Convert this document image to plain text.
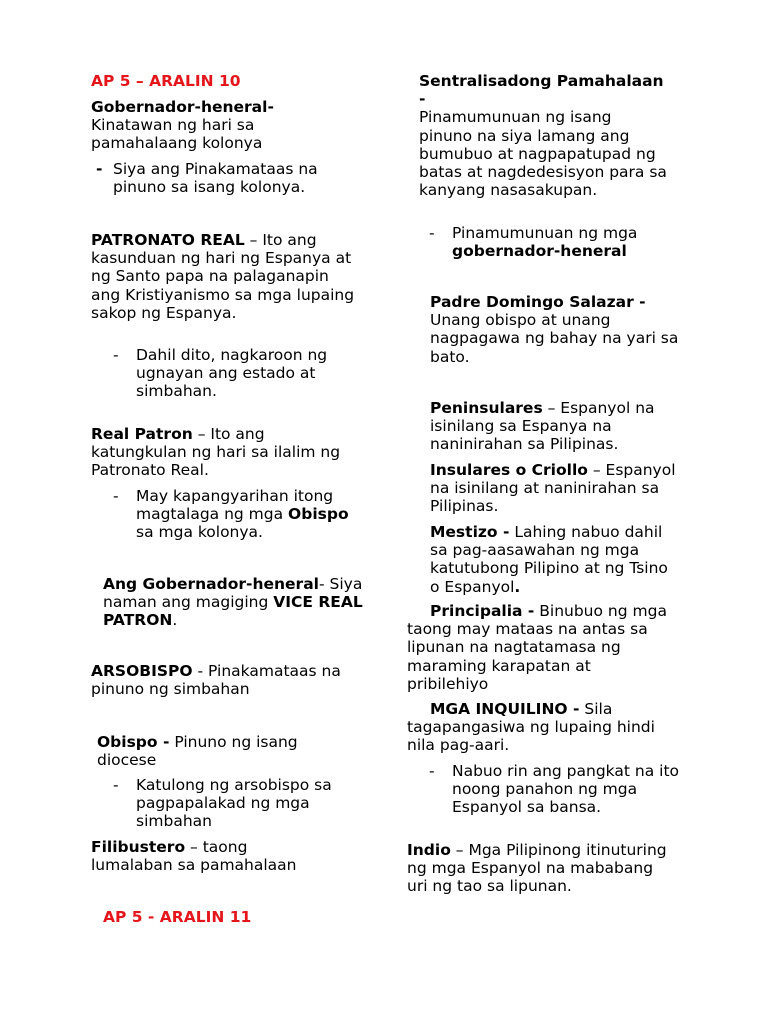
AP 5 – ARALIN 10
Gobernador-heneral-
Kinatawan ng hari sa pamahalaang kolonya
- Siya ang Pinakamataas na pinuno sa isang kolonya.
PATRONATO REAL – Ito ang kasunduan ng hari ng Espanya at ng Santo papa na palaganapin ang Kristiyanismo sa mga lupaing sakop ng Espanya.
- Dahil dito, nagkaroon ng ugnayan ang estado at simbahan.
Real Patron – Ito ang katungkulan ng hari sa ilalim ng Patronato Real.
- May kapangyarihan itong magtalaga ng mga Obispo sa mga kolonya.
Ang Gobernador-heneral- Siya naman ang magiging VICE REAL PATRON.
ARSOBISPO - Pinakamataas na pinuno ng simbahan
Obispo - Pinuno ng isang diocese
- Katulong ng arsobispo sa pagpapalakad ng mga simbahan
Filibustero – taong lumalaban sa pamahalaan
AP 5 - ARALIN 11
Sentralisadong Pamahalaan -
Pinamumunuan ng isang pinuno na siya lamang ang bumubuo at nagpapatupad ng batas at nagdedesisyon para sa kanyang nasasakupan.
- Pinamumunuan ng mga gobernador-heneral
Padre Domingo Salazar - Unang obispo at unang nagpagawa ng bahay na yari sa bato.
Peninsulares – Espanyol na isinilang sa Espanya na naninirahan sa Pilipinas.
Insulares o Criollo – Espanyol na isinilang at naninirahan sa Pilipinas.
Mestizo - Lahing nabuo dahil sa pag-aasawahan ng mga katutubong Pilipino at ng Tsino o Espanyol.
Principalia - Binubuo ng mga taong may mataas na antas sa lipunan na nagtatamasa ng maraming karapatan at pribilehiyo
MGA INQUILINO - Sila tagapangasiwa ng lupaing hindi nila pag-aari.
- Nabuo rin ang pangkat na ito noong panahon ng mga Espanyol sa bansa.
Indio – Mga Pilipinong itinuturing ng mga Espanyol na mababang uri ng tao sa lipunan.
